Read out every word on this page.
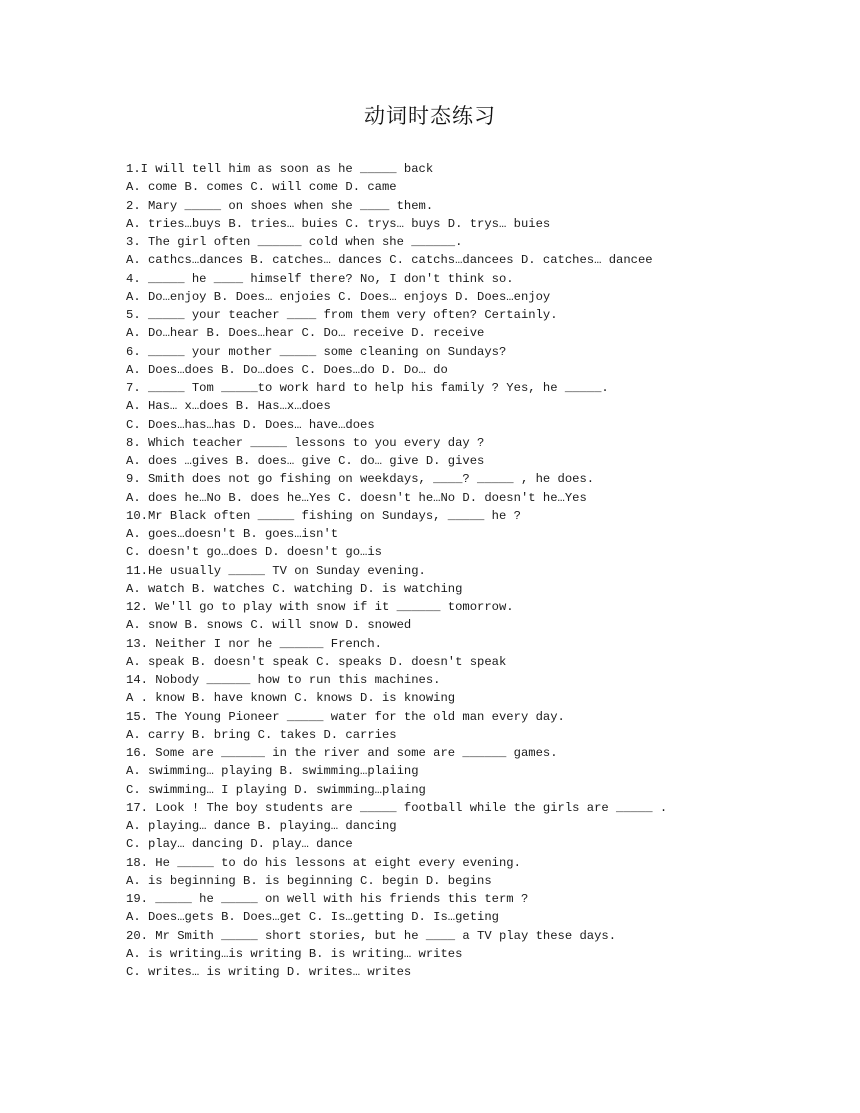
动词时态练习
1.I will tell him as soon as he _____ back
A. come B. comes C. will come D. came
2. Mary _____ on shoes when she ____ them.
A. tries…buys B. tries… buies C. trys… buys D. trys… buies
3. The girl often ______ cold when she ______.
A. cathcs…dances B. catches… dances C. catchs…dancees D. catches… dancee
4. _____ he ____ himself there? No, I don't think so.
A. Do…enjoy B. Does… enjoies C. Does… enjoys D. Does…enjoy
5. _____ your teacher ____ from them very often? Certainly.
A. Do…hear B. Does…hear C. Do… receive D. receive
6. _____ your mother _____ some cleaning on Sundays?
A. Does…does B. Do…does C. Does…do D. Do… do
7. _____ Tom _____to work hard to help his family ? Yes, he _____.
A. Has… x…does B. Has…x…does
C. Does…has…has D. Does… have…does
8. Which teacher _____ lessons to you every day ?
A. does …gives B. does… give C. do… give D. gives
9. Smith does not go fishing on weekdays, ____? _____ , he does.
A. does he…No B. does he…Yes C. doesn't he…No D. doesn't he…Yes
10.Mr Black often _____ fishing on Sundays, _____ he ?
A. goes…doesn't B. goes…isn't
C. doesn't go…does D. doesn't go…is
11.He usually _____ TV on Sunday evening.
A. watch B. watches C. watching D. is watching
12. We'll go to play with snow if it ______ tomorrow.
A. snow B. snows C. will snow D. snowed
13. Neither I nor he ______ French.
A. speak B. doesn't speak C. speaks D. doesn't speak
14. Nobody ______ how to run this machines.
A . know B. have known C. knows D. is knowing
15. The Young Pioneer _____ water for the old man every day.
A. carry B. bring C. takes D. carries
16. Some are ______ in the river and some are ______ games.
A. swimming… playing B. swimming…plaiing
C. swimming… I playing D. swimming…plaing
17. Look ! The boy students are _____ football while the girls are _____ .
A. playing… dance B. playing… dancing
C. play… dancing D. play… dance
18. He _____ to do his lessons at eight every evening.
A. is beginning B. is beginning C. begin D. begins
19. _____ he _____ on well with his friends this term ?
A. Does…gets B. Does…get C. Is…getting D. Is…geting
20. Mr Smith _____ short stories, but he ____ a TV play these days.
A. is writing…is writing B. is writing… writes
C. writes… is writing D. writes… writes
